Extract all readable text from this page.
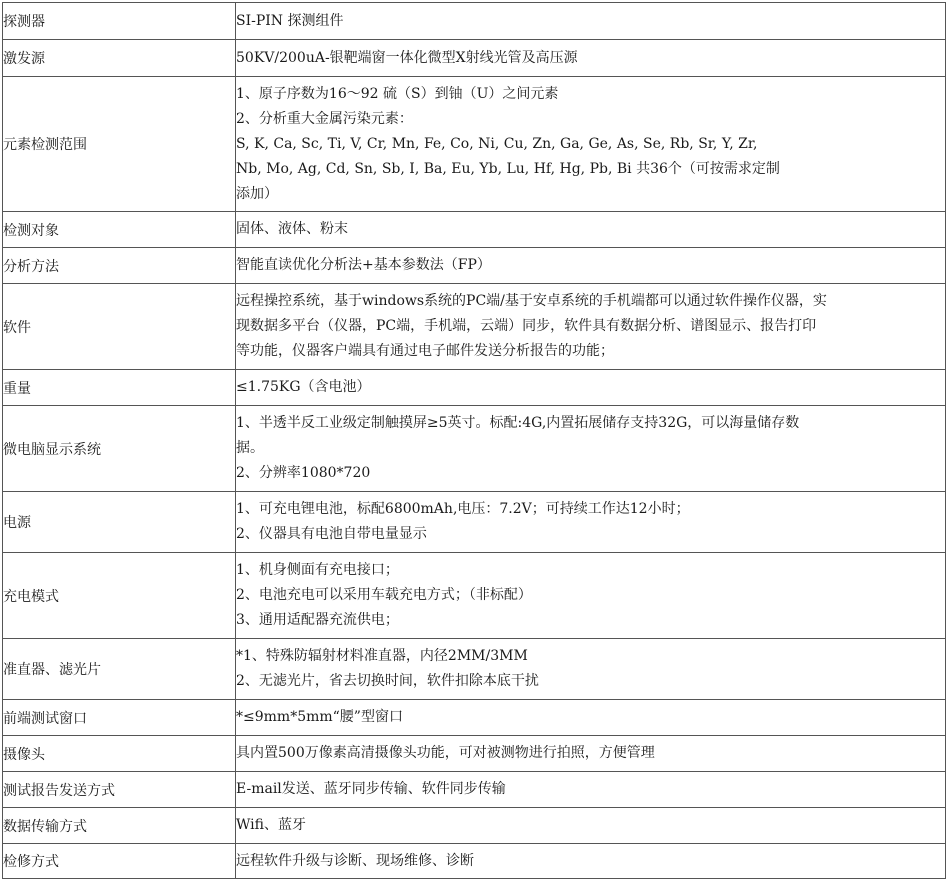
探测器	SI-PIN 探测组件

激发源	50KV/200uA-银靶端窗一体化微型X射线光管及高压源

元素检测范围	1、原子序数为16～92 硫（S）到铀（U）之间元素
2、分析重大金属污染元素：
S, K, Ca, Sc, Ti, V, Cr, Mn, Fe, Co, Ni, Cu, Zn, Ga, Ge, As, Se, Rb, Sr, Y, Zr,
Nb, Mo, Ag, Cd, Sn, Sb, I, Ba, Eu, Yb, Lu, Hf, Hg, Pb, Bi 共36个（可按需求定制
添加）

检测对象	固体、液体、粉末

分析方法	智能直读优化分析法+基本参数法（FP）

软件	远程操控系统，基于windows系统的PC端/基于安卓系统的手机端都可以通过软件操作仪器，实
现数据多平台（仪器，PC端，手机端，云端）同步，软件具有数据分析、谱图显示、报告打印
等功能，仪器客户端具有通过电子邮件发送分析报告的功能；

重量	≤1.75KG（含电池）

微电脑显示系统	1、半透半反工业级定制触摸屏≥5英寸。标配:4G,内置拓展储存支持32G，可以海量储存数
据。
2、分辨率1080*720

电源	1、可充电锂电池，标配6800mAh,电压：7.2V；可持续工作达12小时；
2、仪器具有电池自带电量显示

充电模式	1、机身侧面有充电接口；
2、电池充电可以采用车载充电方式；（非标配）
3、通用适配器充流供电；

准直器、滤光片	*1、特殊防辐射材料准直器，内径2MM/3MM
2、无滤光片，省去切换时间，软件扣除本底干扰

前端测试窗口	*≤9mm*5mm“腰”型窗口

摄像头	具内置500万像素高清摄像头功能，可对被测物进行拍照，方便管理

测试报告发送方式	E-mail发送、蓝牙同步传输、软件同步传输

数据传输方式	Wifi、蓝牙

检修方式	远程软件升级与诊断、现场维修、诊断
